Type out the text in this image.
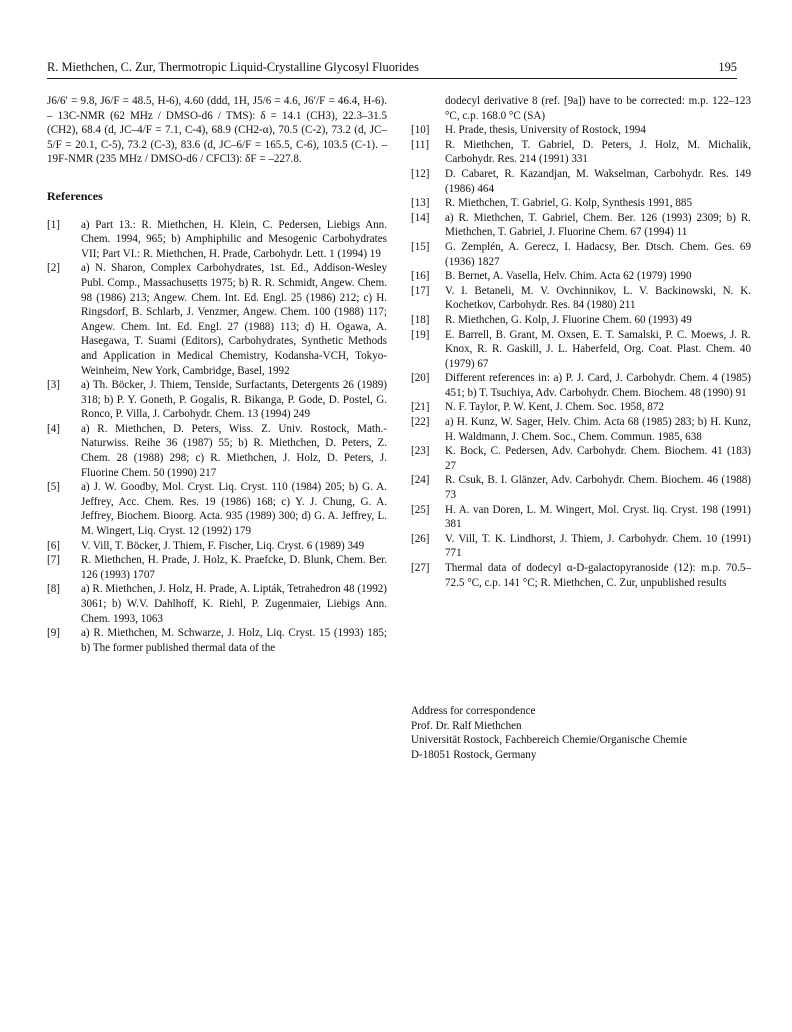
R. Miethchen, C. Zur, Thermotropic Liquid-Crystalline Glycosyl Fluorides	195

J6/6′ = 9.8, J6/F = 48.5, H-6), 4.60 (ddd, 1H, J5/6 = 4.6, J6′/F = 46.4, H-6). – 13C-NMR (62 MHz / DMSO-d6 / TMS): δ = 14.1 (CH3), 22.3–31.5 (CH2), 68.4 (d, JC–4/F = 7.1, C-4), 68.9 (CH2-α), 70.5 (C-2), 73.2 (d, JC–5/F = 20.1, C-5), 73.2 (C-3), 83.6 (d, JC–6/F = 165.5, C-6), 103.5 (C-1). – 19F-NMR (235 MHz / DMSO-d6 / CFCl3): δF = –227.8.

References

[1] a) Part 13.: R. Miethchen, H. Klein, C. Pedersen, Liebigs Ann. Chem. 1994, 965; b) Amphiphilic and Mesogenic Carbohydrates VII; Part VI.: R. Miethchen, H. Prade, Carbohydr. Lett. 1 (1994) 19

[2] a) N. Sharon, Complex Carbohydrates, 1st. Ed., Addison-Wesley Publ. Comp., Massachusetts 1975; b) R. R. Schmidt, Angew. Chem. 98 (1986) 213; Angew. Chem. Int. Ed. Engl. 25 (1986) 212; c) H. Ringsdorf, B. Schlarb, J. Venzmer, Angew. Chem. 100 (1988) 117; Angew. Chem. Int. Ed. Engl. 27 (1988) 113; d) H. Ogawa, A. Hasegawa, T. Suami (Editors), Carbohydrates, Synthetic Methods and Application in Medical Chemistry, Kodansha-VCH, Tokyo-Weinheim, New York, Cambridge, Basel, 1992

[3] a) Th. Böcker, J. Thiem, Tenside, Surfactants, Detergents 26 (1989) 318; b) P. Y. Goneth, P. Gogalis, R. Bikanga, P. Gode, D. Postel, G. Ronco, P. Villa, J. Carbohydr. Chem. 13 (1994) 249

[4] a) R. Miethchen, D. Peters, Wiss. Z. Univ. Rostock, Math.-Naturwiss. Reihe 36 (1987) 55; b) R. Miethchen, D. Peters, Z. Chem. 28 (1988) 298; c) R. Miethchen, J. Holz, D. Peters, J. Fluorine Chem. 50 (1990) 217

[5] a) J. W. Goodby, Mol. Cryst. Liq. Cryst. 110 (1984) 205; b) G. A. Jeffrey, Acc. Chem. Res. 19 (1986) 168; c) Y. J. Chung, G. A. Jeffrey, Biochem. Bioorg. Acta. 935 (1989) 300; d) G. A. Jeffrey, L. M. Wingert, Liq. Cryst. 12 (1992) 179

[6] V. Vill, T. Böcker, J. Thiem, F. Fischer, Liq. Cryst. 6 (1989) 349

[7] R. Miethchen, H. Prade, J. Holz, K. Praefcke, D. Blunk, Chem. Ber. 126 (1993) 1707

[8] a) R. Miethchen, J. Holz, H. Prade, A. Lipták, Tetrahedron 48 (1992) 3061; b) W.V. Dahlhoff, K. Riehl, P. Zugenmaier, Liebigs Ann. Chem. 1993, 1063

[9] a) R. Miethchen, M. Schwarze, J. Holz, Liq. Cryst. 15 (1993) 185; b) The former published thermal data of the

dodecyl derivative 8 (ref. [9a]) have to be corrected: m.p. 122–123 °C, c.p. 168.0 °C (SA)

[10] H. Prade, thesis, University of Rostock, 1994

[11] R. Miethchen, T. Gabriel, D. Peters, J. Holz, M. Michalik, Carbohydr. Res. 214 (1991) 331

[12] D. Cabaret, R. Kazandjan, M. Wakselman, Carbohydr. Res. 149 (1986) 464

[13] R. Miethchen, T. Gabriel, G. Kolp, Synthesis 1991, 885

[14] a) R. Miethchen, T. Gabriel, Chem. Ber. 126 (1993) 2309; b) R. Miethchen, T. Gabriel, J. Fluorine Chem. 67 (1994) 11

[15] G. Zemplén, A. Gerecz, I. Hadacsy, Ber. Dtsch. Chem. Ges. 69 (1936) 1827

[16] B. Bernet, A. Vasella, Helv. Chim. Acta 62 (1979) 1990

[17] V. I. Betaneli, M. V. Ovchinnikov, L. V. Backinowski, N. K. Kochetkov, Carbohydr. Res. 84 (1980) 211

[18] R. Miethchen, G. Kolp, J. Fluorine Chem. 60 (1993) 49

[19] E. Barrell, B. Grant, M. Oxsen, E. T. Samalski, P. C. Moews, J. R. Knox, R. R. Gaskill, J. L. Haberfeld, Org. Coat. Plast. Chem. 40 (1979) 67

[20] Different references in: a) P. J. Card, J. Carbohydr. Chem. 4 (1985) 451; b) T. Tsuchiya, Adv. Carbohydr. Chem. Biochem. 48 (1990) 91

[21] N. F. Taylor, P. W. Kent, J. Chem. Soc. 1958, 872

[22] a) H. Kunz, W. Sager, Helv. Chim. Acta 68 (1985) 283; b) H. Kunz, H. Waldmann, J. Chem. Soc., Chem. Commun. 1985, 638

[23] K. Bock, C. Pedersen, Adv. Carbohydr. Chem. Biochem. 41 (183) 27

[24] R. Csuk, B. I. Glänzer, Adv. Carbohydr. Chem. Biochem. 46 (1988) 73

[25] H. A. van Doren, L. M. Wingert, Mol. Cryst. liq. Cryst. 198 (1991) 381

[26] V. Vill, T. K. Lindhorst, J. Thiem, J. Carbohydr. Chem. 10 (1991) 771

[27] Thermal data of dodecyl α-D-galactopyranoside (12): m.p. 70.5–72.5 °C, c.p. 141 °C; R. Miethchen, C. Zur, unpublished results

Address for correspondence
Prof. Dr. Ralf Miethchen
Universität Rostock, Fachbereich Chemie/Organische Chemie
D-18051 Rostock, Germany
